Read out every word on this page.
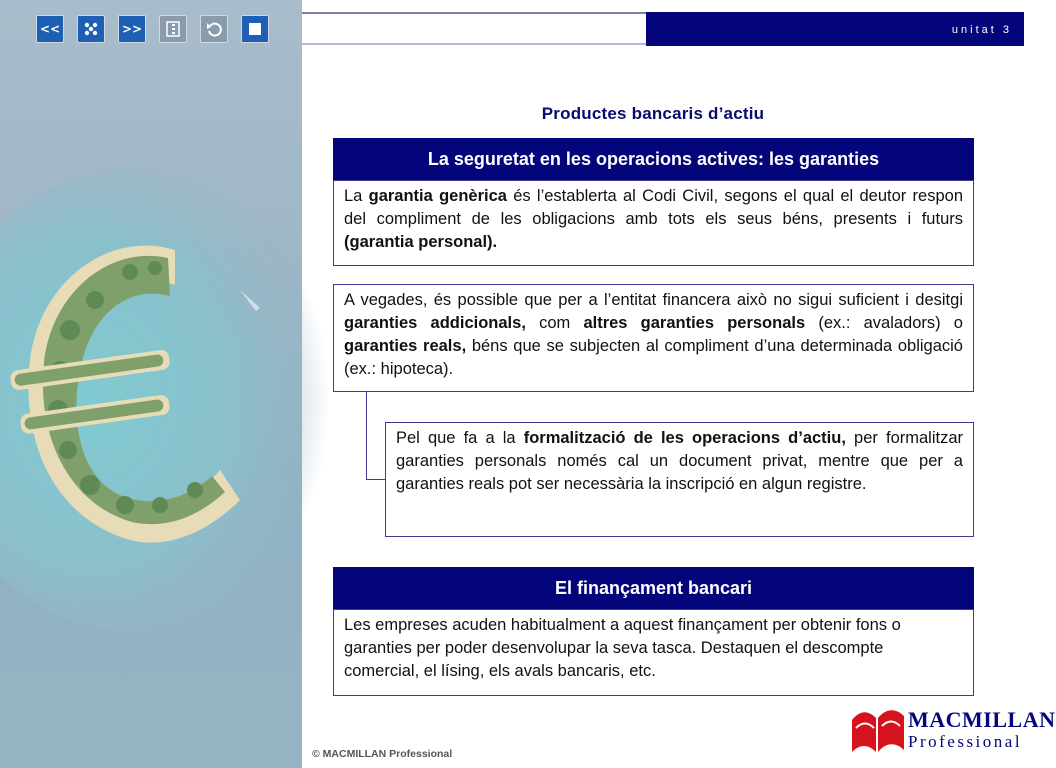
<<	>>	unitat 3
Productes bancaris d’actiu
La seguretat en les operacions actives: les garanties
La garantia genèrica és l’establerta al Codi Civil, segons el qual el deutor respon del compliment de les obligacions amb tots els seus béns, presents i futurs (garantia personal).
A vegades, és possible que per a l’entitat financera això no sigui suficient i desitgi garanties addicionals, com altres garanties personals (ex.: avaladors) o garanties reals, béns que se subjecten al compliment d’una determinada obligació (ex.: hipoteca).
Pel que fa a la formalització de les operacions d’actiu, per formalitzar garanties personals només cal un document privat, mentre que per a garanties reals pot ser necessària la inscripció en algun registre.
El finançament bancari
Les empreses acuden habitualment a aquest finançament per obtenir fons o garanties per poder desenvolupar la seva tasca. Destaquen el descompte comercial, el lísing, els avals bancaris, etc.
© MACMILLAN Professional
MACMILLAN
Professional
